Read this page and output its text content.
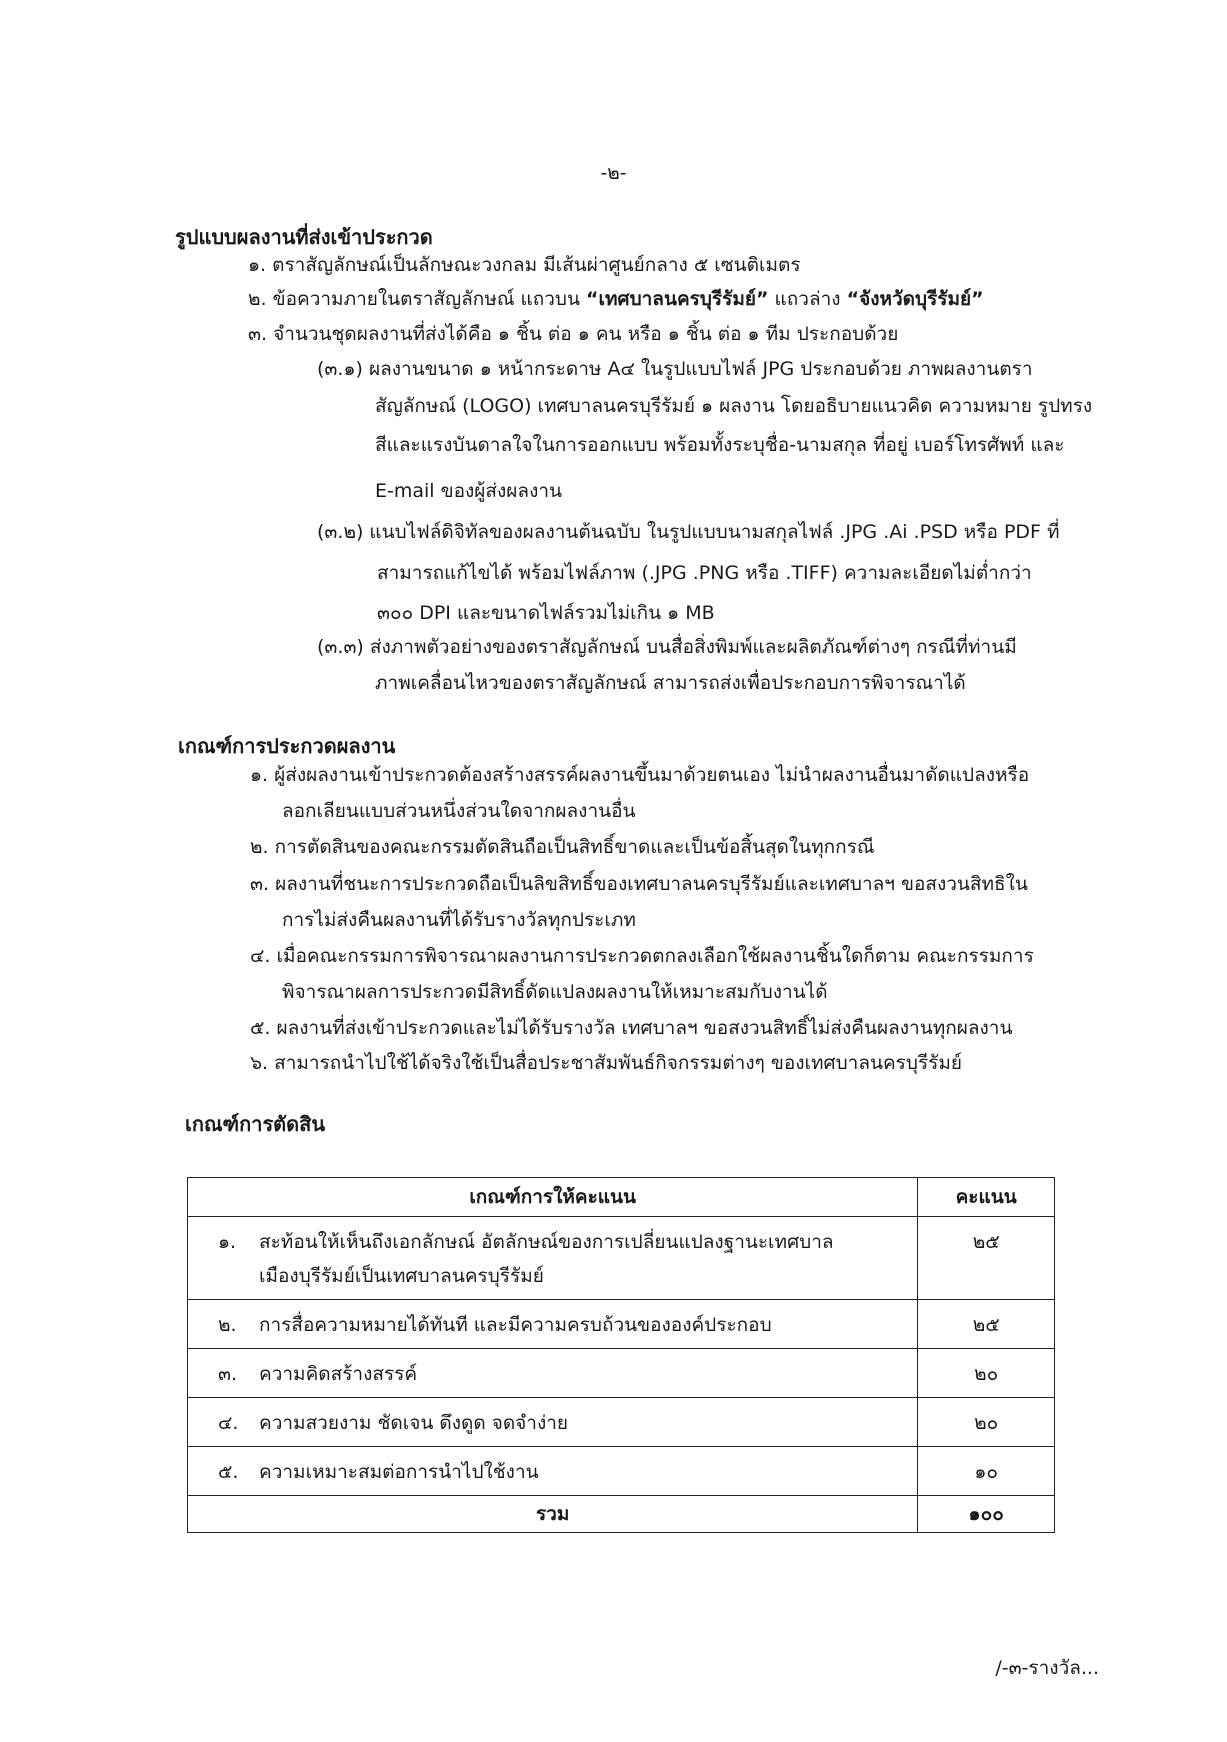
-๒-
รูปแบบผลงานที่ส่งเข้าประกวด
๑. ตราสัญลักษณ์เป็นลักษณะวงกลม มีเส้นผ่าศูนย์กลาง ๕ เซนติเมตร
๒. ข้อความภายในตราสัญลักษณ์ แถวบน “เทศบาลนครบุรีรัมย์” แถวล่าง “จังหวัดบุรีรัมย์”
๓. จำนวนชุดผลงานที่ส่งได้คือ ๑ ชิ้น ต่อ ๑ คน หรือ ๑ ชิ้น ต่อ ๑ ทีม ประกอบด้วย
(๓.๑) ผลงานขนาด ๑ หน้ากระดาษ A๔ ในรูปแบบไฟล์ JPG ประกอบด้วย ภาพผลงานตรา
สัญลักษณ์ (LOGO) เทศบาลนครบุรีรัมย์ ๑ ผลงาน โดยอธิบายแนวคิด ความหมาย รูปทรง
สีและแรงบันดาลใจในการออกแบบ พร้อมทั้งระบุชื่อ-นามสกุล ที่อยู่ เบอร์โทรศัพท์ และ
E-mail ของผู้ส่งผลงาน
(๓.๒) แนบไฟล์ดิจิทัลของผลงานต้นฉบับ ในรูปแบบนามสกุลไฟล์ .JPG .Ai .PSD หรือ PDF ที่
สามารถแก้ไขได้ พร้อมไฟล์ภาพ (.JPG .PNG หรือ .TIFF) ความละเอียดไม่ต่ำกว่า
๓๐๐ DPI และขนาดไฟล์รวมไม่เกิน ๑ MB
(๓.๓) ส่งภาพตัวอย่างของตราสัญลักษณ์ บนสื่อสิ่งพิมพ์และผลิตภัณฑ์ต่างๆ กรณีที่ท่านมี
ภาพเคลื่อนไหวของตราสัญลักษณ์ สามารถส่งเพื่อประกอบการพิจารณาได้
เกณฑ์การประกวดผลงาน
๑. ผู้ส่งผลงานเข้าประกวดต้องสร้างสรรค์ผลงานขึ้นมาด้วยตนเอง ไม่นำผลงานอื่นมาดัดแปลงหรือ
ลอกเลียนแบบส่วนหนึ่งส่วนใดจากผลงานอื่น
๒. การตัดสินของคณะกรรมตัดสินถือเป็นสิทธิ์ขาดและเป็นข้อสิ้นสุดในทุกกรณี
๓. ผลงานที่ชนะการประกวดถือเป็นลิขสิทธิ์ของเทศบาลนครบุรีรัมย์และเทศบาลฯ ขอสงวนสิทธิใน
การไม่ส่งคืนผลงานที่ได้รับรางวัลทุกประเภท
๔. เมื่อคณะกรรมการพิจารณาผลงานการประกวดตกลงเลือกใช้ผลงานชิ้นใดก็ตาม คณะกรรมการ
พิจารณาผลการประกวดมีสิทธิ์ดัดแปลงผลงานให้เหมาะสมกับงานได้
๕. ผลงานที่ส่งเข้าประกวดและไม่ได้รับรางวัล เทศบาลฯ ขอสงวนสิทธิ์ไม่ส่งคืนผลงานทุกผลงาน
๖. สามารถนำไปใช้ได้จริงใช้เป็นสื่อประชาสัมพันธ์กิจกรรมต่างๆ ของเทศบาลนครบุรีรัมย์
เกณฑ์การตัดสิน
เกณฑ์การให้คะแนน	คะแนน

๑. สะท้อนให้เห็นถึงเอกลักษณ์ อัตลักษณ์ของการเปลี่ยนแปลงฐานะเทศบาล
เมืองบุรีรัมย์เป็นเทศบาลนครบุรีรัมย์	๒๕

๒. การสื่อความหมายได้ทันที และมีความครบถ้วนขององค์ประกอบ	๒๕

๓. ความคิดสร้างสรรค์	๒๐

๔. ความสวยงาม ชัดเจน ดึงดูด จดจำง่าย	๒๐

๕. ความเหมาะสมต่อการนำไปใช้งาน	๑๐

รวม	๑๐๐
/-๓-รางวัล...
